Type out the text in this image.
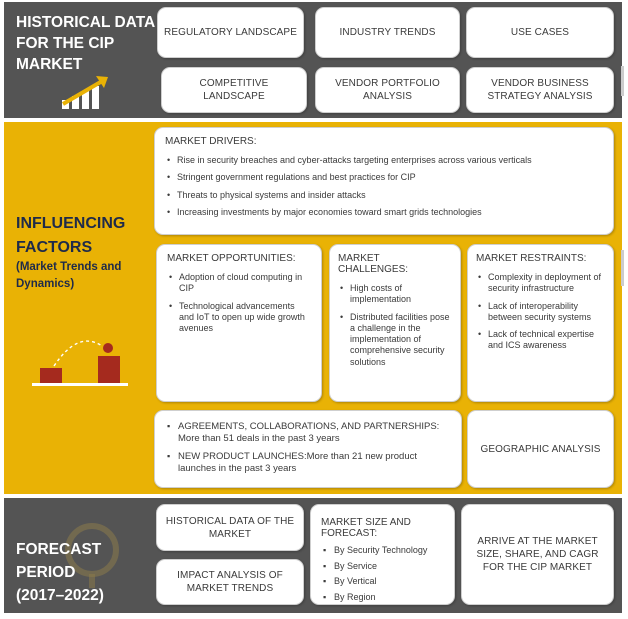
HISTORICAL DATA
FOR THE CIP
MARKET
REGULATORY LANDSCAPE	INDUSTRY TRENDS	USE CASES
COMPETITIVE LANDSCAPE
VENDOR PORTFOLIO ANALYSIS
VENDOR BUSINESS STRATEGY ANALYSIS
INFLUENCING
FACTORS
(Market Trends and
Dynamics)
MARKET DRIVERS:
• Rise in security breaches and cyber-attacks targeting enterprises across various verticals
• Stringent government regulations and best practices for CIP
• Threats to physical systems and insider attacks
• Increasing investments by major economies toward smart grids technologies
MARKET OPPORTUNITIES:
• Adoption of cloud computing in CIP
• Technological advancements and IoT to open up wide growth avenues
MARKET CHALLENGES:
• High costs of implementation
• Distributed facilities pose a challenge in the implementation of comprehensive security solutions
MARKET RESTRAINTS:
• Complexity in deployment of security infrastructure
• Lack of interoperability between security systems
• Lack of technical expertise and ICS awareness
▪ AGREEMENTS, COLLABORATIONS, AND PARTNERSHIPS:
More than 51 deals in the past 3 years
▪ NEW PRODUCT LAUNCHES:More than 21 new product launches in the past 3 years
GEOGRAPHIC ANALYSIS
FORECAST
PERIOD
(2017–2022)
HISTORICAL DATA OF THE MARKET
IMPACT ANALYSIS OF MARKET TRENDS
MARKET SIZE AND FORECAST:
▪ By Security Technology
▪ By Service
▪ By Vertical
▪ By Region
ARRIVE AT THE MARKET SIZE, SHARE, AND CAGR FOR THE CIP MARKET
